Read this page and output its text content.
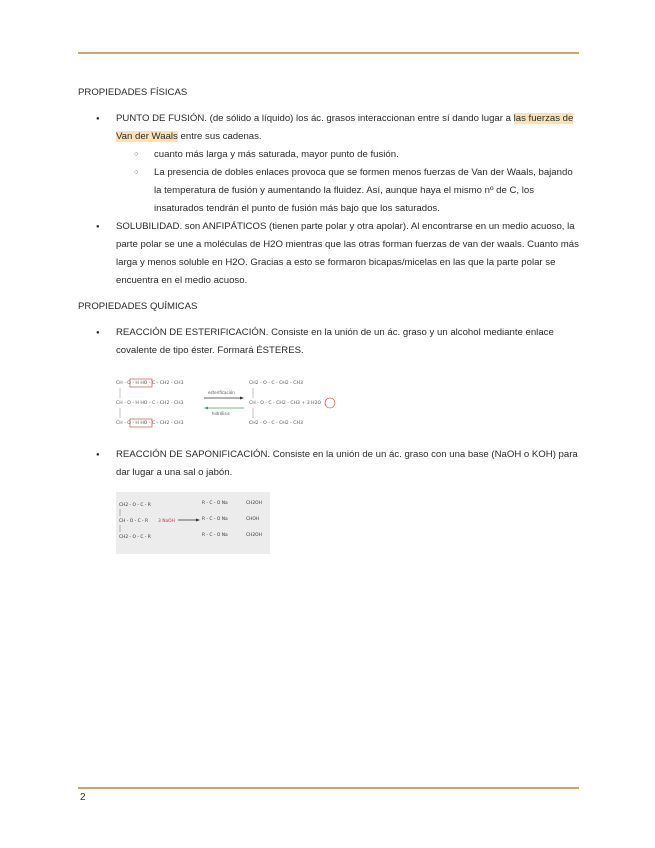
PROPIEDADES FÍSICAS
● PUNTO DE FUSIÓN. (de sólido a líquido) los ác. grasos interaccionan entre sí dando lugar a las fuerzas de Van der Waals entre sus cadenas.
○ cuanto más larga y más saturada, mayor punto de fusión.
○ La presencia de dobles enlaces provoca que se formen menos fuerzas de Van der Waals, bajando la temperatura de fusión y aumentando la fluidez. Así, aunque haya el mismo nº de C, los insaturados tendrán el punto de fusión más bajo que los saturados.
● SOLUBILIDAD. son ANFIPÁTICOS (tienen parte polar y otra apolar). Al encontrarse en un medio acuoso, la parte polar se une a moléculas de H2O mientras que las otras forman fuerzas de van der waals. Cuanto más larga y menos soluble en H2O. Gracias a esto se formaron bicapas/micelas en las que la parte polar se encuentra en el medio acuoso.
PROPIEDADES QUÍMICAS
● REACCIÓN DE ESTERIFICACIÓN. Consiste en la unión de un ác. graso y un alcohol mediante enlace covalente de tipo éster. Formará ÉSTERES.
CH - O - H HO - C - CH2 - CH3
CH - O - H HO - C - CH2 - CH3
CH - O - H HO - C - CH2 - CH3
CH2 - O - C - CH2 - CH3
CH - O - C - CH2 - CH3 + 3 H2O
CH2 - O - C - CH2 - CH3
esterificación
hidrólisis
● REACCIÓN DE SAPONIFICACIÓN. Consiste en la unión de un ác. graso con una base (NaOH o KOH) para dar lugar a una sal o jabón.
CH2 - O - C - R
CH - O - C - R
CH2 - O - C - R
3 NaOH
R - C - O Na
R - C - O Na
R - C - O Na
CH2OH
CHOH
CH2OH
2
